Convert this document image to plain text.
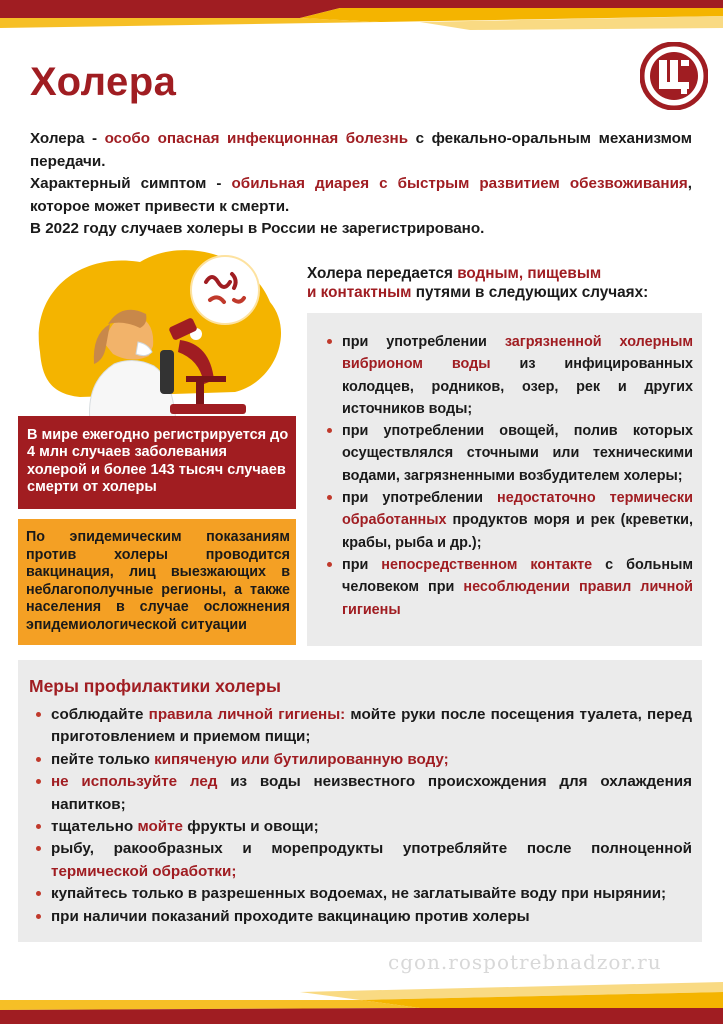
Холера

Холера - особо опасная инфекционная болезнь с фекально-оральным механизмом передачи.

Характерный симптом - обильная диарея с быстрым развитием обезвоживания, которое может привести к смерти.

В 2022 году случаев холеры в России не зарегистрировано.

Холера передается водным, пищевым
и контактным путями в следующих случаях:
при употреблении загрязненной холерным вибрионом воды из инфицированных колодцев, родников, озер, рек и других источников воды;
при употреблении овощей, полив которых осуществлялся сточными или техническими водами, загрязненными возбудителем холеры;
при употреблении недостаточно термически обработанных продуктов моря и рек (креветки, крабы, рыба и др.);
при непосредственном контакте с больным человеком при несоблюдении правил личной гигиены
В мире ежегодно регистрируется до 4 млн случаев заболевания холерой и более 143 тысяч случаев смерти от холеры
По эпидемическим показаниям против холеры проводится вакцинация, лиц выезжающих в неблагополучные регионы, а также населения в случае осложнения эпидемиологической ситуации
Меры профилактики холеры
соблюдайте правила личной гигиены: мойте руки после посещения туалета, перед приготовлением и приемом пищи;
пейте только кипяченую или бутилированную воду;
не используйте лед из воды неизвестного происхождения для охлаждения напитков;
тщательно мойте фрукты и овощи;
рыбу, ракообразных и морепродукты употребляйте после полноценной термической обработки;
купайтесь только в разрешенных водоемах, не заглатывайте воду при нырянии;
при наличии показаний проходите вакцинацию против холеры
cgon.rospotrebnadzor.ru
